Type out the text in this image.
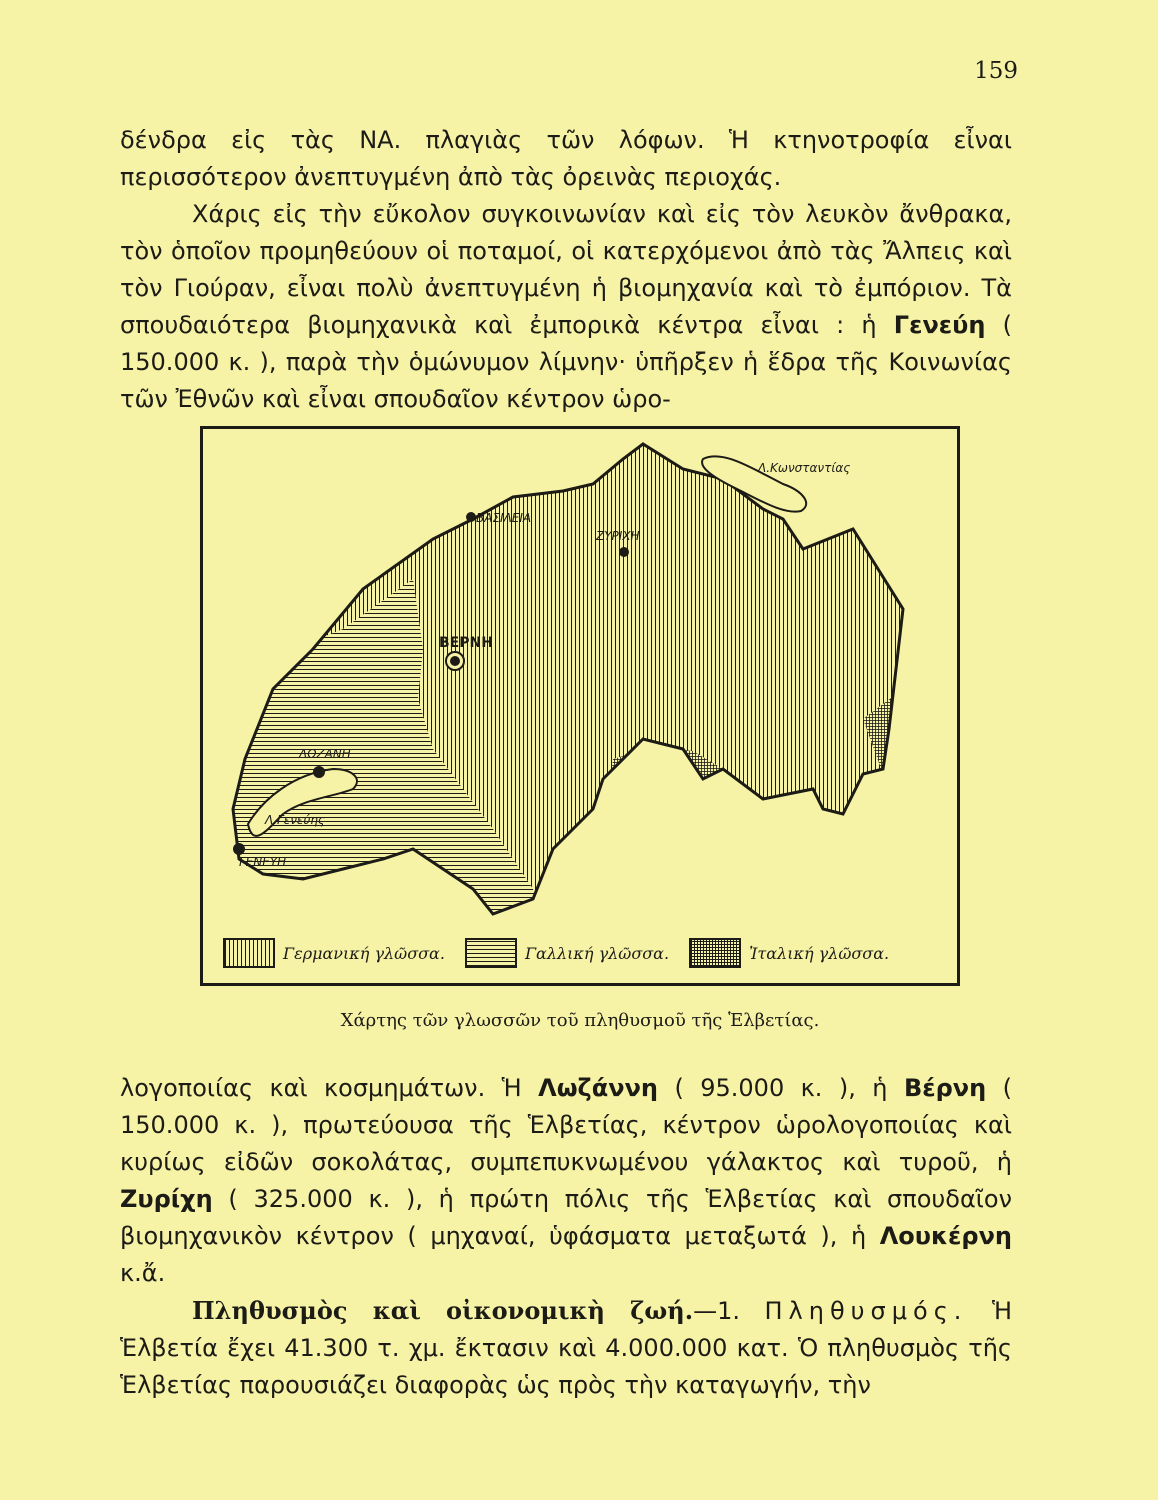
159

δένδρα εἰς τὰς ΝΑ. πλαγιὰς τῶν λόφων. Ἡ κτηνοτροφία εἶναι περισσότερον ἀνεπτυγμένη ἀπὸ τὰς ὀρεινὰς περιοχάς.

Χάρις εἰς τὴν εὔκολον συγκοινωνίαν καὶ εἰς τὸν λευκὸν ἄνθρακα, τὸν ὁποῖον προμηθεύουν οἱ ποταμοί, οἱ κατερχόμενοι ἀπὸ τὰς Ἄλπεις καὶ τὸν Γιούραν, εἶναι πολὺ ἀνεπτυγμένη ἡ βιομηχανία καὶ τὸ ἐμπόριον. Τὰ σπουδαιότερα βιομηχανικὰ καὶ ἐμπορικὰ κέντρα εἶναι : ἡ Γενεύη ( 150.000 κ. ), παρὰ τὴν ὁμώνυμον λίμνην· ὑπῆρξεν ἡ ἕδρα τῆς Κοινωνίας τῶν Ἐθνῶν καὶ εἶναι σπουδαῖον κέντρον ὡρο-

Λ.Κωνσταντίας
ΒΑΣΙΛΕΙΑ
ΖΥΡΙΧΗ
ΒΕΡΝΗ
ΛΩΖΑΝΗ
Λ.Γενεύης
ΓΕΝΕΥΗ
Γερμανική γλῶσσα.	Γαλλική γλῶσσα.	Ἰταλική γλῶσσα.
Χάρτης τῶν γλωσσῶν τοῦ πληθυσμοῦ τῆς Ἑλβετίας.

λογοποιίας καὶ κοσμημάτων. Ἡ Λωζάννη ( 95.000 κ. ), ἡ Βέρνη ( 150.000 κ. ), πρωτεύουσα τῆς Ἑλβετίας, κέντρον ὡρολογοποιίας καὶ κυρίως εἰδῶν σοκολάτας, συμπεπυκνωμένου γάλακτος καὶ τυροῦ, ἡ Ζυρίχη ( 325.000 κ. ), ἡ πρώτη πόλις τῆς Ἑλβετίας καὶ σπουδαῖον βιομηχανικὸν κέντρον ( μηχαναί, ὑφάσματα μεταξωτά ), ἡ Λουκέρνη κ.ἄ.

Πληθυσμὸς καὶ οἰκονομικὴ ζωή.—1. Πληθυσμός. Ἡ Ἑλβετία ἔχει 41.300 τ. χμ. ἔκτασιν καὶ 4.000.000 κατ. Ὁ πληθυσμὸς τῆς Ἑλβετίας παρουσιάζει διαφορὰς ὡς πρὸς τὴν καταγωγήν, τὴν
